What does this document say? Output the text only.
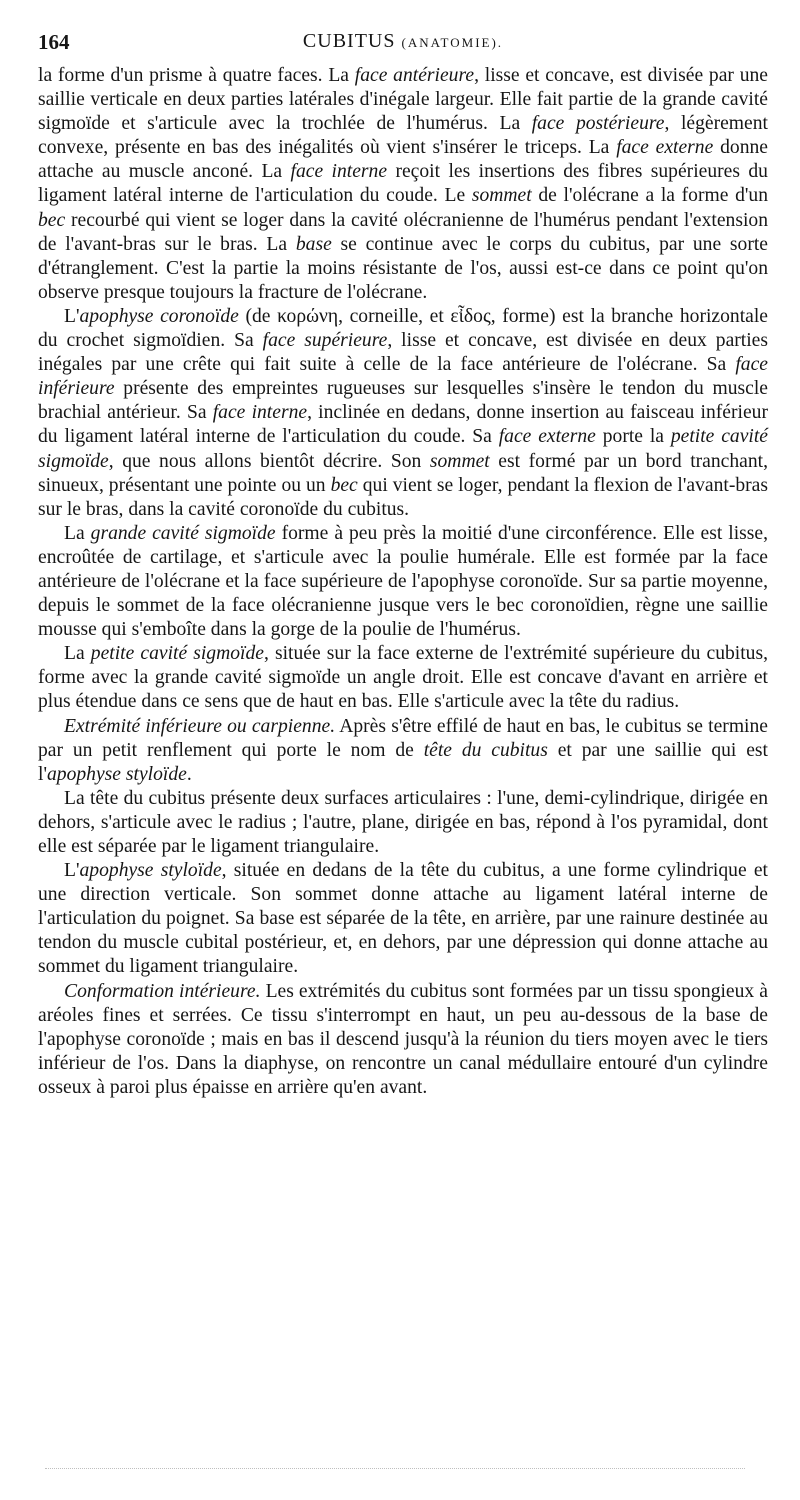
164	CUBITUS (ANATOMIE).

la forme d'un prisme à quatre faces. La face antérieure, lisse et concave, est divisée par une saillie verticale en deux parties latérales d'inégale largeur. Elle fait partie de la grande cavité sigmoïde et s'articule avec la trochlée de l'humérus. La face postérieure, légèrement convexe, présente en bas des inégalités où vient s'insérer le triceps. La face externe donne attache au muscle anconé. La face interne reçoit les insertions des fibres supérieures du ligament latéral interne de l'articulation du coude. Le sommet de l'olécrane a la forme d'un bec recourbé qui vient se loger dans la cavité olécranienne de l'humérus pendant l'extension de l'avant-bras sur le bras. La base se continue avec le corps du cubitus, par une sorte d'étranglement. C'est la partie la moins résistante de l'os, aussi est-ce dans ce point qu'on observe presque toujours la fracture de l'olécrane.

L'apophyse coronoïde (de κορώνη, corneille, et εἶδος, forme) est la branche horizontale du crochet sigmoïdien. Sa face supérieure, lisse et concave, est divisée en deux parties inégales par une crête qui fait suite à celle de la face antérieure de l'olécrane. Sa face inférieure présente des empreintes rugueuses sur lesquelles s'insère le tendon du muscle brachial antérieur. Sa face interne, inclinée en dedans, donne insertion au faisceau inférieur du ligament latéral interne de l'articulation du coude. Sa face externe porte la petite cavité sigmoïde, que nous allons bientôt décrire. Son sommet est formé par un bord tranchant, sinueux, présentant une pointe ou un bec qui vient se loger, pendant la flexion de l'avant-bras sur le bras, dans la cavité coronoïde du cubitus.

La grande cavité sigmoïde forme à peu près la moitié d'une circonférence. Elle est lisse, encroûtée de cartilage, et s'articule avec la poulie humérale. Elle est formée par la face antérieure de l'olécrane et la face supérieure de l'apophyse coronoïde. Sur sa partie moyenne, depuis le sommet de la face olécranienne jusque vers le bec coronoïdien, règne une saillie mousse qui s'emboîte dans la gorge de la poulie de l'humérus.

La petite cavité sigmoïde, située sur la face externe de l'extrémité supérieure du cubitus, forme avec la grande cavité sigmoïde un angle droit. Elle est concave d'avant en arrière et plus étendue dans ce sens que de haut en bas. Elle s'articule avec la tête du radius.

Extrémité inférieure ou carpienne. Après s'être effilé de haut en bas, le cubitus se termine par un petit renflement qui porte le nom de tête du cubitus et par une saillie qui est l'apophyse styloïde.

La tête du cubitus présente deux surfaces articulaires : l'une, demi-cylindrique, dirigée en dehors, s'articule avec le radius ; l'autre, plane, dirigée en bas, répond à l'os pyramidal, dont elle est séparée par le ligament triangulaire.

L'apophyse styloïde, située en dedans de la tête du cubitus, a une forme cylindrique et une direction verticale. Son sommet donne attache au ligament latéral interne de l'articulation du poignet. Sa base est séparée de la tête, en arrière, par une rainure destinée au tendon du muscle cubital postérieur, et, en dehors, par une dépression qui donne attache au sommet du ligament triangulaire.

Conformation intérieure. Les extrémités du cubitus sont formées par un tissu spongieux à aréoles fines et serrées. Ce tissu s'interrompt en haut, un peu au-dessous de la base de l'apophyse coronoïde ; mais en bas il descend jusqu'à la réunion du tiers moyen avec le tiers inférieur de l'os. Dans la diaphyse, on rencontre un canal médullaire entouré d'un cylindre osseux à paroi plus épaisse en arrière qu'en avant.
